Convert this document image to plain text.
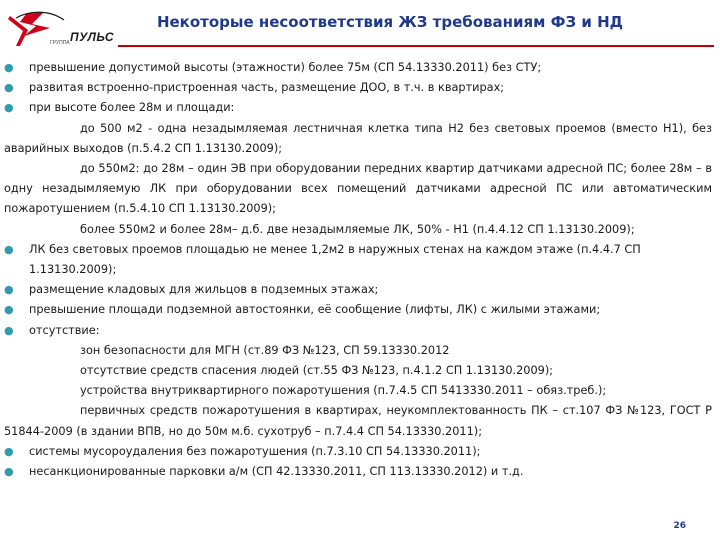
ГРУППА ПУЛЬС
Некоторые несоответствия ЖЗ требованиям ФЗ и НД

● превышение допустимой высоты (этажности) более 75м (СП 54.13330.2011) без СТУ;

● развитая встроенно-пристроенная часть, размещение ДОО, в т.ч. в квартирах;

● при высоте более 28м и площади:

до 500 м2 - одна незадымляемая лестничная клетка типа Н2 без световых проемов (вместо Н1), без аварийных выходов (п.5.4.2 СП 1.13130.2009);

до 550м2: до 28м – один ЭВ при оборудовании передних квартир датчиками адресной ПС; более 28м – в одну незадымляемую ЛК при оборудовании всех помещений датчиками адресной ПС или автоматическим пожаротушением (п.5.4.10 СП 1.13130.2009);

более 550м2 и более 28м– д.б. две незадымляемые ЛК, 50% - Н1 (п.4.4.12 СП 1.13130.2009);

● ЛК без световых проемов площадью не менее 1,2м2 в наружных стенах на каждом этаже (п.4.4.7 СП 1.13130.2009);

● размещение кладовых для жильцов в подземных этажах;

● превышение площади подземной автостоянки, её сообщение (лифты, ЛК) с жилыми этажами;

● отсутствие:

зон безопасности для МГН (ст.89 ФЗ №123, СП 59.13330.2012

отсутствие средств спасения людей (ст.55 ФЗ №123, п.4.1.2 СП 1.13130.2009);

устройства внутриквартирного пожаротушения (п.7.4.5 СП 5413330.2011 – обяз.треб.);

первичных средств пожаротушения в квартирах, неукомплектованность ПК – ст.107 ФЗ №123, ГОСТ Р 51844-2009 (в здании ВПВ, но до 50м м.б. сухотруб – п.7.4.4 СП 54.13330.2011);

● системы мусороудаления без пожаротушения (п.7.3.10 СП 54.13330.2011);

● несанкционированные парковки а/м (СП 42.13330.2011, СП 113.13330.2012) и т.д.

26
